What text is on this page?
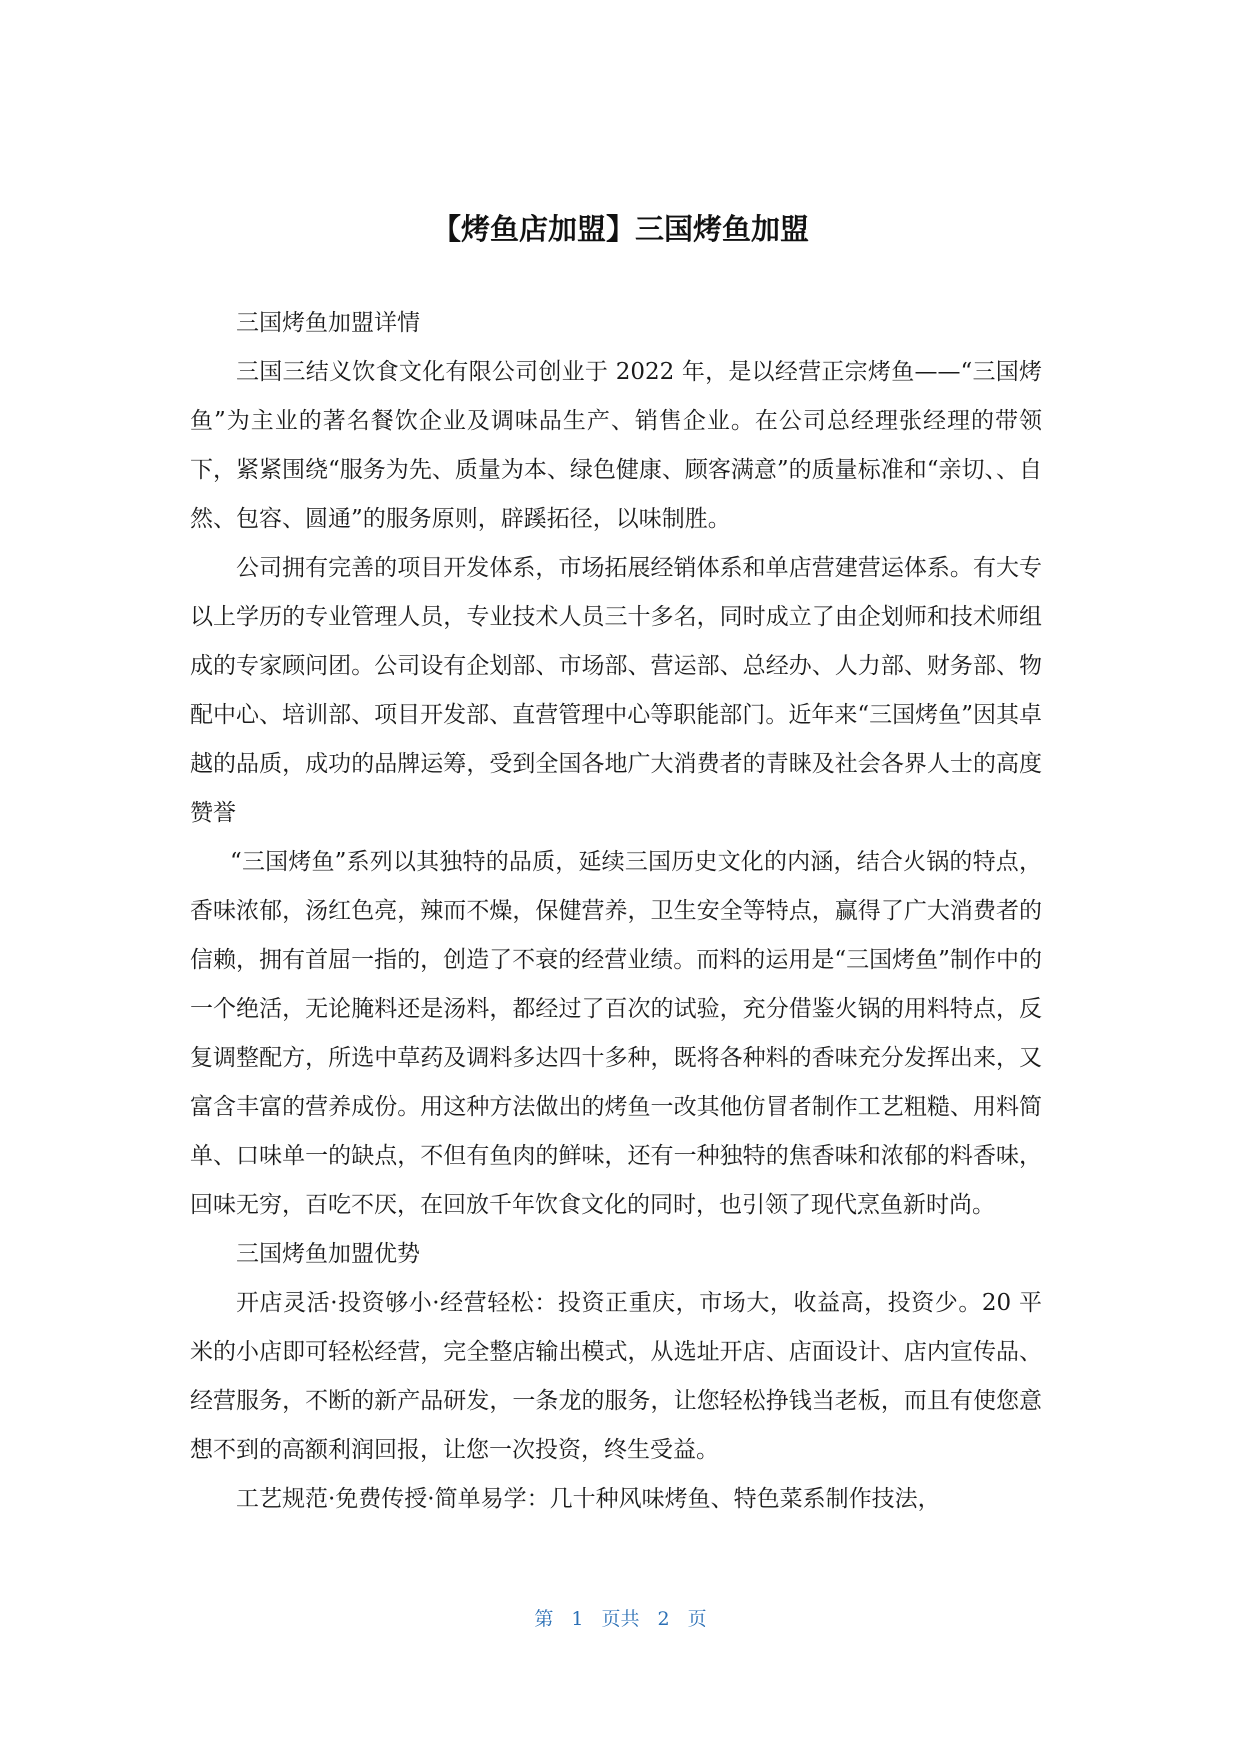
【烤鱼店加盟】三国烤鱼加盟

三国烤鱼加盟详情

三国三结义饮食文化有限公司创业于 2022 年，是以经营正宗烤鱼——“三国烤鱼”为主业的著名餐饮企业及调味品生产、销售企业。在公司总经理张经理的带领下，紧紧围绕“服务为先、质量为本、绿色健康、顾客满意”的质量标准和“亲切、、自然、包容、圆通”的服务原则，辟蹊拓径，以味制胜。

公司拥有完善的项目开发体系，市场拓展经销体系和单店营建营运体系。有大专以上学历的专业管理人员，专业技术人员三十多名，同时成立了由企划师和技术师组成的专家顾问团。公司设有企划部、市场部、营运部、总经办、人力部、财务部、物配中心、培训部、项目开发部、直营管理中心等职能部门。近年来“三国烤鱼”因其卓越的品质，成功的品牌运筹，受到全国各地广大消费者的青睐及社会各界人士的高度赞誉

“三国烤鱼”系列以其独特的品质，延续三国历史文化的内涵，结合火锅的特点，香味浓郁，汤红色亮，辣而不燥，保健营养，卫生安全等特点，赢得了广大消费者的信赖，拥有首屈一指的，创造了不衰的经营业绩。而料的运用是“三国烤鱼”制作中的一个绝活，无论腌料还是汤料，都经过了百次的试验，充分借鉴火锅的用料特点，反复调整配方，所选中草药及调料多达四十多种，既将各种料的香味充分发挥出来，又富含丰富的营养成份。用这种方法做出的烤鱼一改其他仿冒者制作工艺粗糙、用料简单、口味单一的缺点，不但有鱼肉的鲜味，还有一种独特的焦香味和浓郁的料香味，回味无穷，百吃不厌，在回放千年饮食文化的同时，也引领了现代烹鱼新时尚。

三国烤鱼加盟优势

开店灵活·投资够小·经营轻松：投资正重庆，市场大，收益高，投资少。20 平米的小店即可轻松经营，完全整店输出模式，从选址开店、店面设计、店内宣传品、经营服务，不断的新产品研发，一条龙的服务，让您轻松挣钱当老板，而且有使您意想不到的高额利润回报，让您一次投资，终生受益。

工艺规范·免费传授·简单易学：几十种风味烤鱼、特色菜系制作技法，

第 1 页共 2 页
